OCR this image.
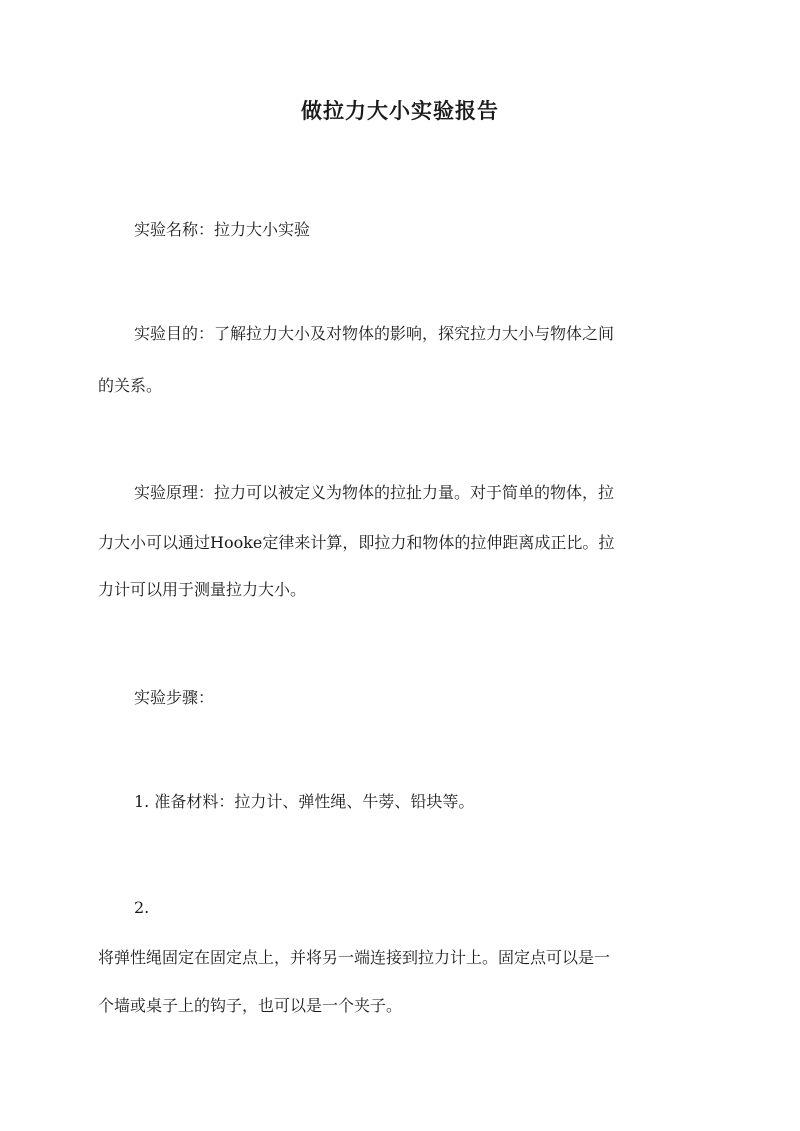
做拉力大小实验报告
实验名称：拉力大小实验
实验目的：了解拉力大小及对物体的影响，探究拉力大小与物体之间
的关系。
实验原理：拉力可以被定义为物体的拉扯力量。对于简单的物体，拉
力大小可以通过Hooke定律来计算，即拉力和物体的拉伸距离成正比。拉
力计可以用于测量拉力大小。
实验步骤：
1. 准备材料：拉力计、弹性绳、牛蒡、铅块等。
2.
将弹性绳固定在固定点上，并将另一端连接到拉力计上。固定点可以是一
个墙或桌子上的钩子，也可以是一个夹子。
